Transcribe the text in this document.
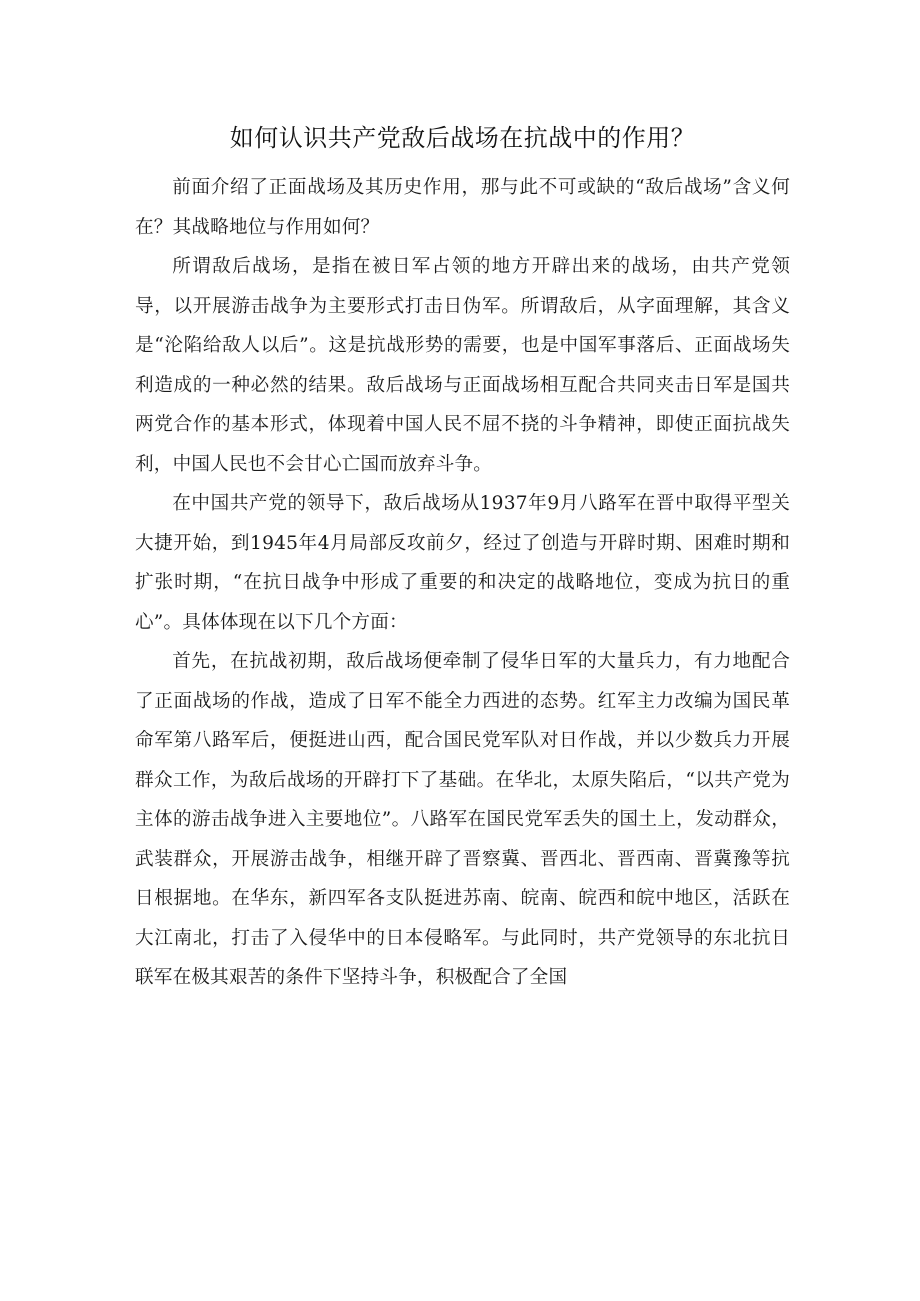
如何认识共产党敌后战场在抗战中的作用？

前面介绍了正面战场及其历史作用，那与此不可或缺的“敌后战场”含义何在？其战略地位与作用如何？

所谓敌后战场，是指在被日军占领的地方开辟出来的战场，由共产党领导，以开展游击战争为主要形式打击日伪军。所谓敌后，从字面理解，其含义是“沦陷给敌人以后”。这是抗战形势的需要，也是中国军事落后、正面战场失利造成的一种必然的结果。敌后战场与正面战场相互配合共同夹击日军是国共两党合作的基本形式，体现着中国人民不屈不挠的斗争精神，即使正面抗战失利，中国人民也不会甘心亡国而放弃斗争。

在中国共产党的领导下，敌后战场从1937年9月八路军在晋中取得平型关大捷开始，到1945年4月局部反攻前夕，经过了创造与开辟时期、困难时期和扩张时期，“在抗日战争中形成了重要的和决定的战略地位，变成为抗日的重心”。具体体现在以下几个方面：

首先，在抗战初期，敌后战场便牵制了侵华日军的大量兵力，有力地配合了正面战场的作战，造成了日军不能全力西进的态势。红军主力改编为国民革命军第八路军后，便挺进山西，配合国民党军队对日作战，并以少数兵力开展群众工作，为敌后战场的开辟打下了基础。在华北，太原失陷后，“以共产党为主体的游击战争进入主要地位”。八路军在国民党军丢失的国土上，发动群众，武装群众，开展游击战争，相继开辟了晋察冀、晋西北、晋西南、晋冀豫等抗日根据地。在华东，新四军各支队挺进苏南、皖南、皖西和皖中地区，活跃在大江南北，打击了入侵华中的日本侵略军。与此同时，共产党领导的东北抗日联军在极其艰苦的条件下坚持斗争，积极配合了全国
